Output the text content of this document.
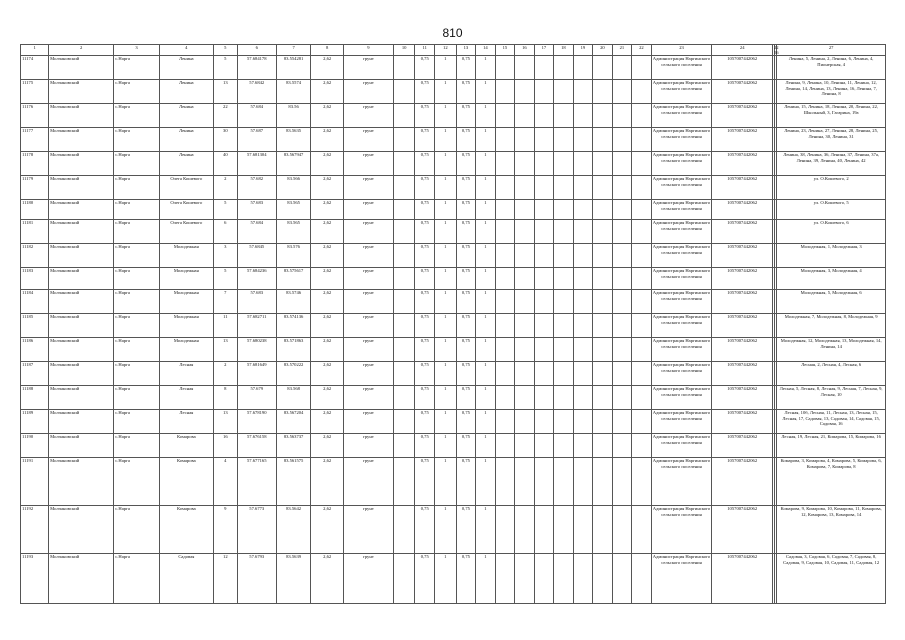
810
1	2	3	4	5	6	7	8	9	10	11	12	13	14	15	16	17	18	19	20	21	22	23	24	25	26	27
11174	Молчановский	с.Нарга	Ленина	5	57.684178	83.554281	2,62	грунт		0,75	1	0,75	1									Администрация Наргинского сельского поселения	1057007442062			Ленина, 5, Ленина, 2, Ленина, 6, Ленина, 4, Пионерская, 4
11175	Молчановский	с.Нарга	Ленина	13	57.6842	83.5574	2,62	грунт		0,75	1	0,75	1									Администрация Наргинского сельского поселения	1057007442062			Ленина, 9, Ленина, 10, Ленина, 11, Ленина, 12, Ленина, 14, Ленина, 13, Ленина, 16, Ленина, 7, Ленина, 8
11176	Молчановский	с.Нарга	Ленина	22	57.684	83.56	2,62	грунт		0,75	1	0,75	1									Администрация Наргинского сельского поселения	1057007442062			Ленина, 15, Ленина, 18, Ленина, 20, Ленина, 22, Школьный, 3, Гагарина, 19а
11177	Молчановский	с.Нарга	Ленина	30	57.687	83.5635	2,62	грунт		0,75	1	0,75	1									Администрация Наргинского сельского поселения	1057007442062			Ленина, 23, Ленина, 27, Ленина, 28, Ленина, 25, Ленина, 30, Ленина, 31
11178	Молчановский	с.Нарга	Ленина	40	57.681304	83.567947	2,62	грунт		0,75	1	0,75	1									Администрация Наргинского сельского поселения	1057007442062			Ленина, 38, Ленина, 36, Ленина, 37, Ленина, 37а, Ленина, 39, Ленина, 40, Ленина, 42
11179	Молчановский	с.Нарга	Олега Кошевого	2	57.682	83.566	2,62	грунт		0,75	1	0,75	1									Администрация Наргинского сельского поселения	1057007442062			ул. О.Кошевого, 2
11180	Молчановский	с.Нарга	Олега Кошевого	5	57.683	83.565	2,62	грунт		0,75	1	0,75	1									Администрация Наргинского сельского поселения	1057007442062			ул. О.Кошевого, 5
11181	Молчановский	с.Нарга	Олега Кошевого	6	57.684	83.565	2,62	грунт		0,75	1	0,75	1									Администрация Наргинского сельского поселения	1057007442062			ул. О.Кошевого, 6
11182	Молчановский	с.Нарга	Молодежная	3	57.6845	83.576	2,62	грунт		0,75	1	0,75	1									Администрация Наргинского сельского поселения	1057007442062			Молодежная, 1, Молодежная, 3
11183	Молчановский	с.Нарга	Молодежная	5	57.684236	83.575617	2,62	грунт		0,75	1	0,75	1									Администрация Наргинского сельского поселения	1057007442062			Молодежная, 3, Молодежная, 4
11184	Молчановский	с.Нарга	Молодежная	7	57.683	83.5746	2,62	грунт		0,75	1	0,75	1									Администрация Наргинского сельского поселения	1057007442062			Молодежная, 5, Молодежная, 6
11185	Молчановский	с.Нарга	Молодежная	11	57.682711	83.574136	2,62	грунт		0,75	1	0,75	1									Администрация Наргинского сельского поселения	1057007442062			Молодежная, 7, Молодежная, 8, Молодежная, 9
11186	Молчановский	с.Нарга	Молодежная	13	57.680238	83.571863	2,62	грунт		0,75	1	0,75	1									Администрация Наргинского сельского поселения	1057007442062			Молодежная, 12, Молодежная, 13, Молодежная, 14, Ленина, 14
11187	Молчановский	с.Нарга	Лесная	2	57.681649	83.570222	2,62	грунт		0,75	1	0,75	1									Администрация Наргинского сельского поселения	1057007442062			Лесная, 2, Лесная, 4, Лесная, 6
11188	Молчановский	с.Нарга	Лесная	8	57.679	83.568	2,62	грунт		0,75	1	0,75	1									Администрация Наргинского сельского поселения	1057007442062			Лесная, 5, Лесная, 8, Лесная, 9, Лесная, 7, Лесная, 9, Лесная, 10
11189	Молчановский	с.Нарга	Лесная	13	57.678190	83.567204	2,62	грунт		0,75	1	0,75	1									Администрация Наргинского сельского поселения	1057007442062			Лесная, 10б, Лесная, 11, Лесная, 13, Лесная, 15, Лесная, 17, Садовая, 13, Садовая, 14, Садовая, 15, Садовая, 16
11190	Молчановский	с.Нарга	Комарова	16	57.676158	83.563737	2,62	грунт		0,75	1	0,75	1									Администрация Наргинского сельского поселения	1057007442062			Лесная, 19, Лесная, 21, Комарова, 15, Комарова, 16
11191	Молчановский	с.Нарга	Комарова	4	57.677165	83.561575	2,62	грунт		0,75	1	0,75	1									Администрация Наргинского сельского поселения	1057007442062			Комарова, 3, Комарова, 4, Комарова, 5, Комарова, 6, Комарова, 7, Комарова, 8
11192	Молчановский	с.Нарга	Комарова	9	57.6773	83.5642	2,62	грунт		0,75	1	0,75	1									Администрация Наргинского сельского поселения	1057007442062			Комарова, 9, Комарова, 10, Комарова, 11, Комарова, 12, Комарова, 13, Комарова, 14
11193	Молчановский	с.Нарга	Садовая	12	57.6793	83.5639	2,62	грунт		0,75	1	0,75	1									Администрация Наргинского сельского поселения	1057007442062			Садовая, 3, Садовая, 6, Садовая, 7, Садовая, 8, Садовая, 9, Садовая, 10, Садовая, 11, Садовая, 12
